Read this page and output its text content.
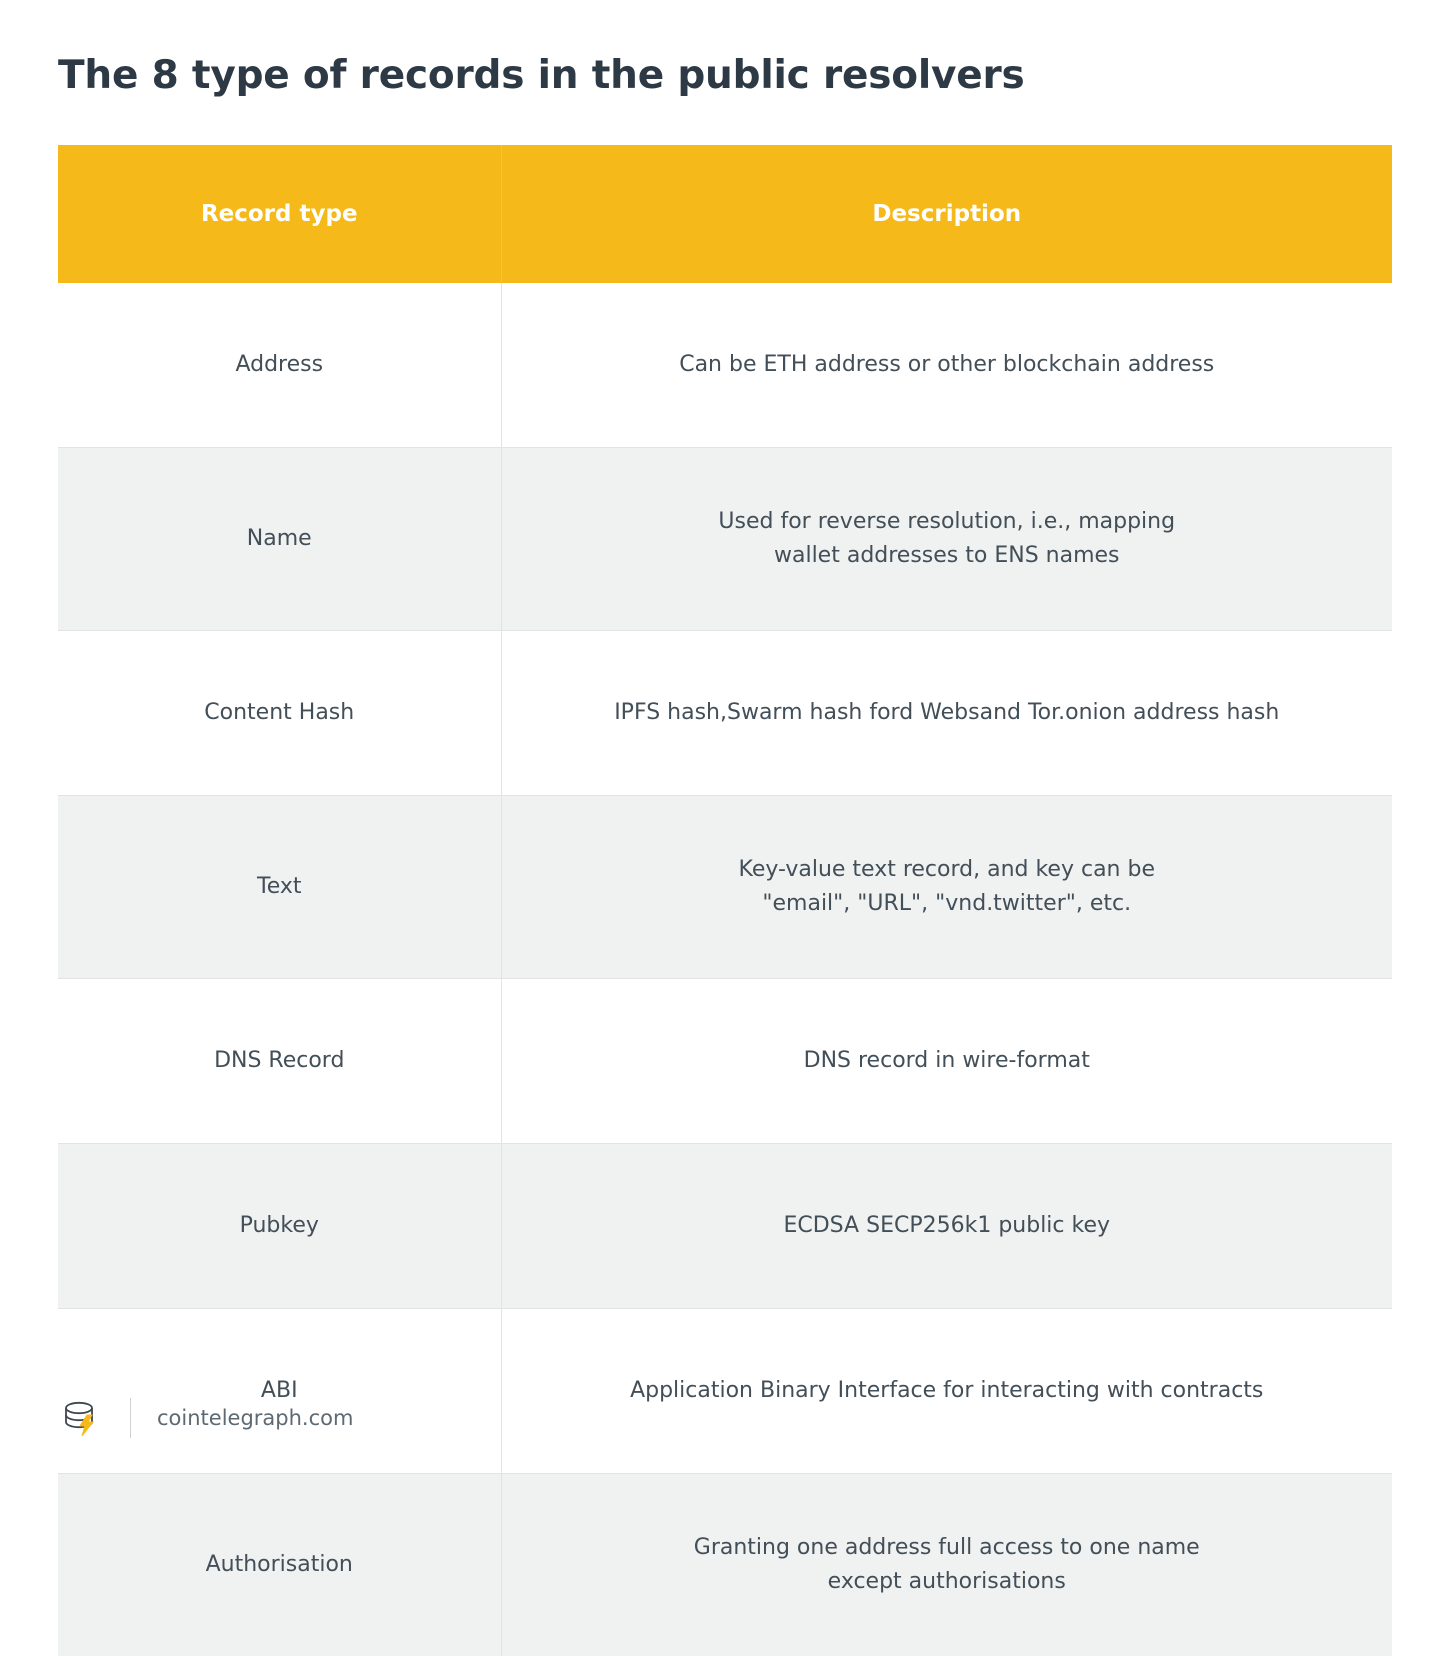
The 8 type of records in the public resolvers
Record type	Description
Address	Can be ETH address or other blockchain address
Name	Used for reverse resolution, i.e., mapping
wallet addresses to ENS names
Content Hash	IPFS hash,Swarm hash ford Websand Tor.onion address hash
Text	Key-value text record, and key can be
"email", "URL", "vnd.twitter", etc.
DNS Record	DNS record in wire-format
Pubkey	ECDSA SECP256k1 public key
ABI	Application Binary Interface for interacting with contracts
Authorisation	Granting one address full access to one name
except authorisations
cointelegraph.com
